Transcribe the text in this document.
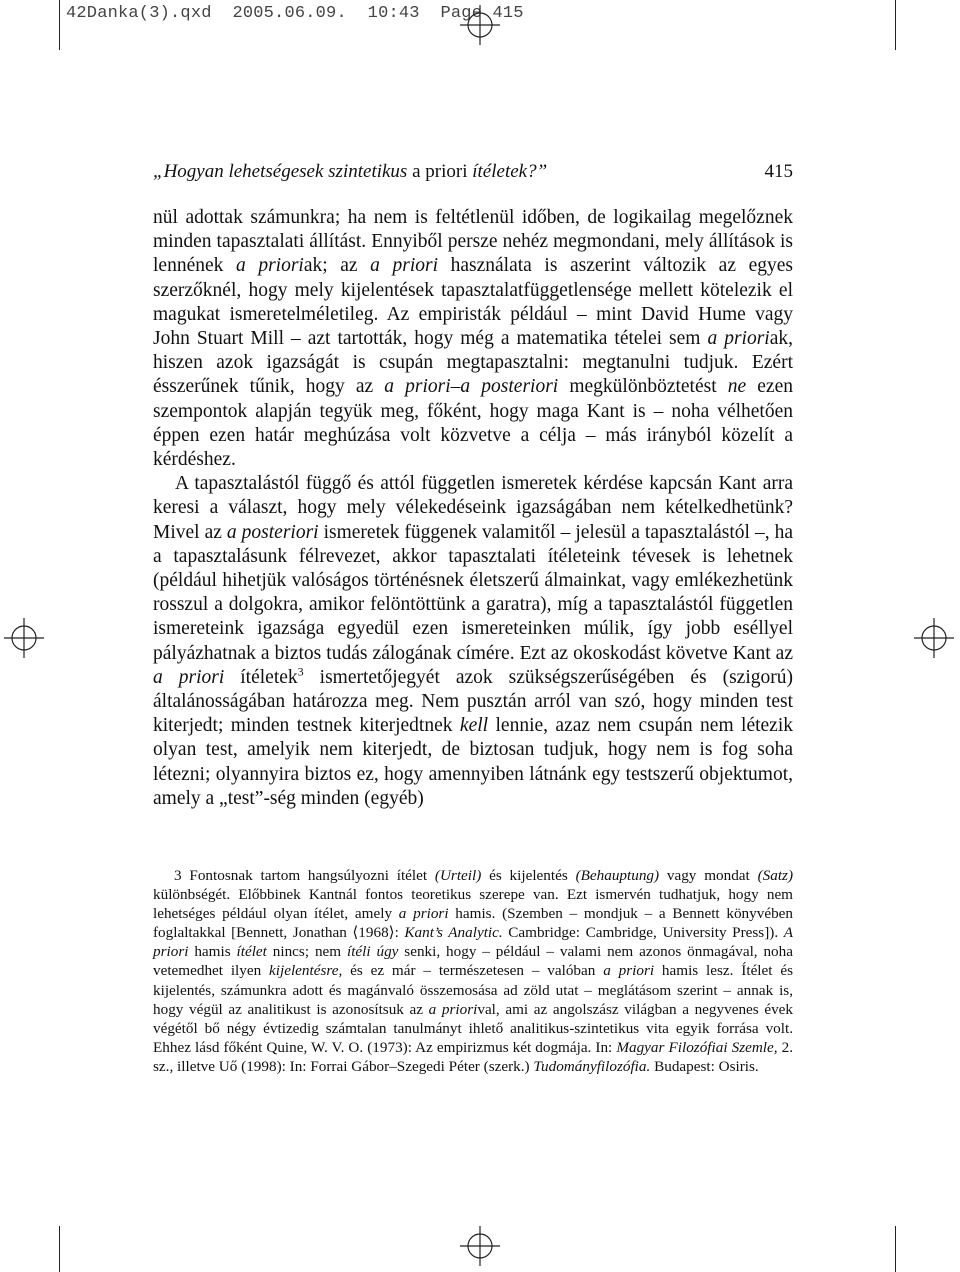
42Danka(3).qxd 2005.06.09. 10:43 Page 415
„Hogyan lehetségesek szintetikus a priori ítéletek?”	415

nül adottak számunkra; ha nem is feltétlenül időben, de logikailag megelőznek minden tapasztalati állítást. Ennyiből persze nehéz megmondani, mely állítások is lennének a prioriak; az a priori használata is aszerint változik az egyes szerzőknél, hogy mely kijelentések tapasztalatfüggetlensége mellett kötelezik el magukat ismeretelméletileg. Az empiristák például – mint David Hume vagy John Stuart Mill – azt tartották, hogy még a matematika tételei sem a prioriak, hiszen azok igazságát is csupán megtapasztalni: megtanulni tudjuk. Ezért ésszerűnek tűnik, hogy az a priori–a posteriori megkülönböztetést ne ezen szempontok alapján tegyük meg, főként, hogy maga Kant is – noha vélhetően éppen ezen határ meghúzása volt közvetve a célja – más irányból közelít a kérdéshez.

A tapasztalástól függő és attól független ismeretek kérdése kapcsán Kant arra keresi a választ, hogy mely vélekedéseink igazságában nem kételkedhetünk? Mivel az a posteriori ismeretek függenek valamitől – jelesül a tapasztalástól –, ha a tapasztalásunk félrevezet, akkor tapasztalati ítéleteink tévesek is lehetnek (például hihetjük valóságos történésnek életszerű álmainkat, vagy emlékezhetünk rosszul a dolgokra, amikor felöntöttünk a garatra), míg a tapasztalástól független ismereteink igazsága egyedül ezen ismereteinken múlik, így jobb eséllyel pályázhatnak a biztos tudás zálogának címére. Ezt az okoskodást követve Kant az a priori ítéletek$^3$ ismertetőjegyét azok szükségszerűségében és (szigorú) általánosságában határozza meg. Nem pusztán arról van szó, hogy minden test kiterjedt; minden testnek kiterjedtnek kell lennie, azaz nem csupán nem létezik olyan test, amelyik nem kiterjedt, de biztosan tudjuk, hogy nem is fog soha létezni; olyannyira biztos ez, hogy amennyiben látnánk egy testszerű objektumot, amely a „test”-ség minden (egyéb)

3 Fontosnak tartom hangsúlyozni ítélet (Urteil) és kijelentés (Behauptung) vagy mondat (Satz) különbségét. Előbbinek Kantnál fontos teoretikus szerepe van. Ezt ismervén tudhatjuk, hogy nem lehetséges például olyan ítélet, amely a priori hamis. (Szemben – mondjuk – a Bennett könyvében foglaltakkal [Bennett, Jonathan ⟨1968⟩: Kant’s Analytic. Cambridge: Cambridge, University Press]). A priori hamis ítélet nincs; nem ítéli úgy senki, hogy – például – valami nem azonos önmagával, noha vetemedhet ilyen kijelentésre, és ez már – természetesen – valóban a priori hamis lesz. Ítélet és kijelentés, számunkra adott és magánvaló összemosása ad zöld utat – meglátásom szerint – annak is, hogy végül az analitikust is azonosítsuk az a priorival, ami az angolszász világban a negyvenes évek végétől bő négy évtizedig számtalan tanulmányt ihlető analitikus-szintetikus vita egyik forrása volt. Ehhez lásd főként Quine, W. V. O. (1973): Az empirizmus két dogmája. In: Magyar Filozófiai Szemle, 2. sz., illetve Uő (1998): In: Forrai Gábor–Szegedi Péter (szerk.) Tudományfilozófia. Budapest: Osiris.
